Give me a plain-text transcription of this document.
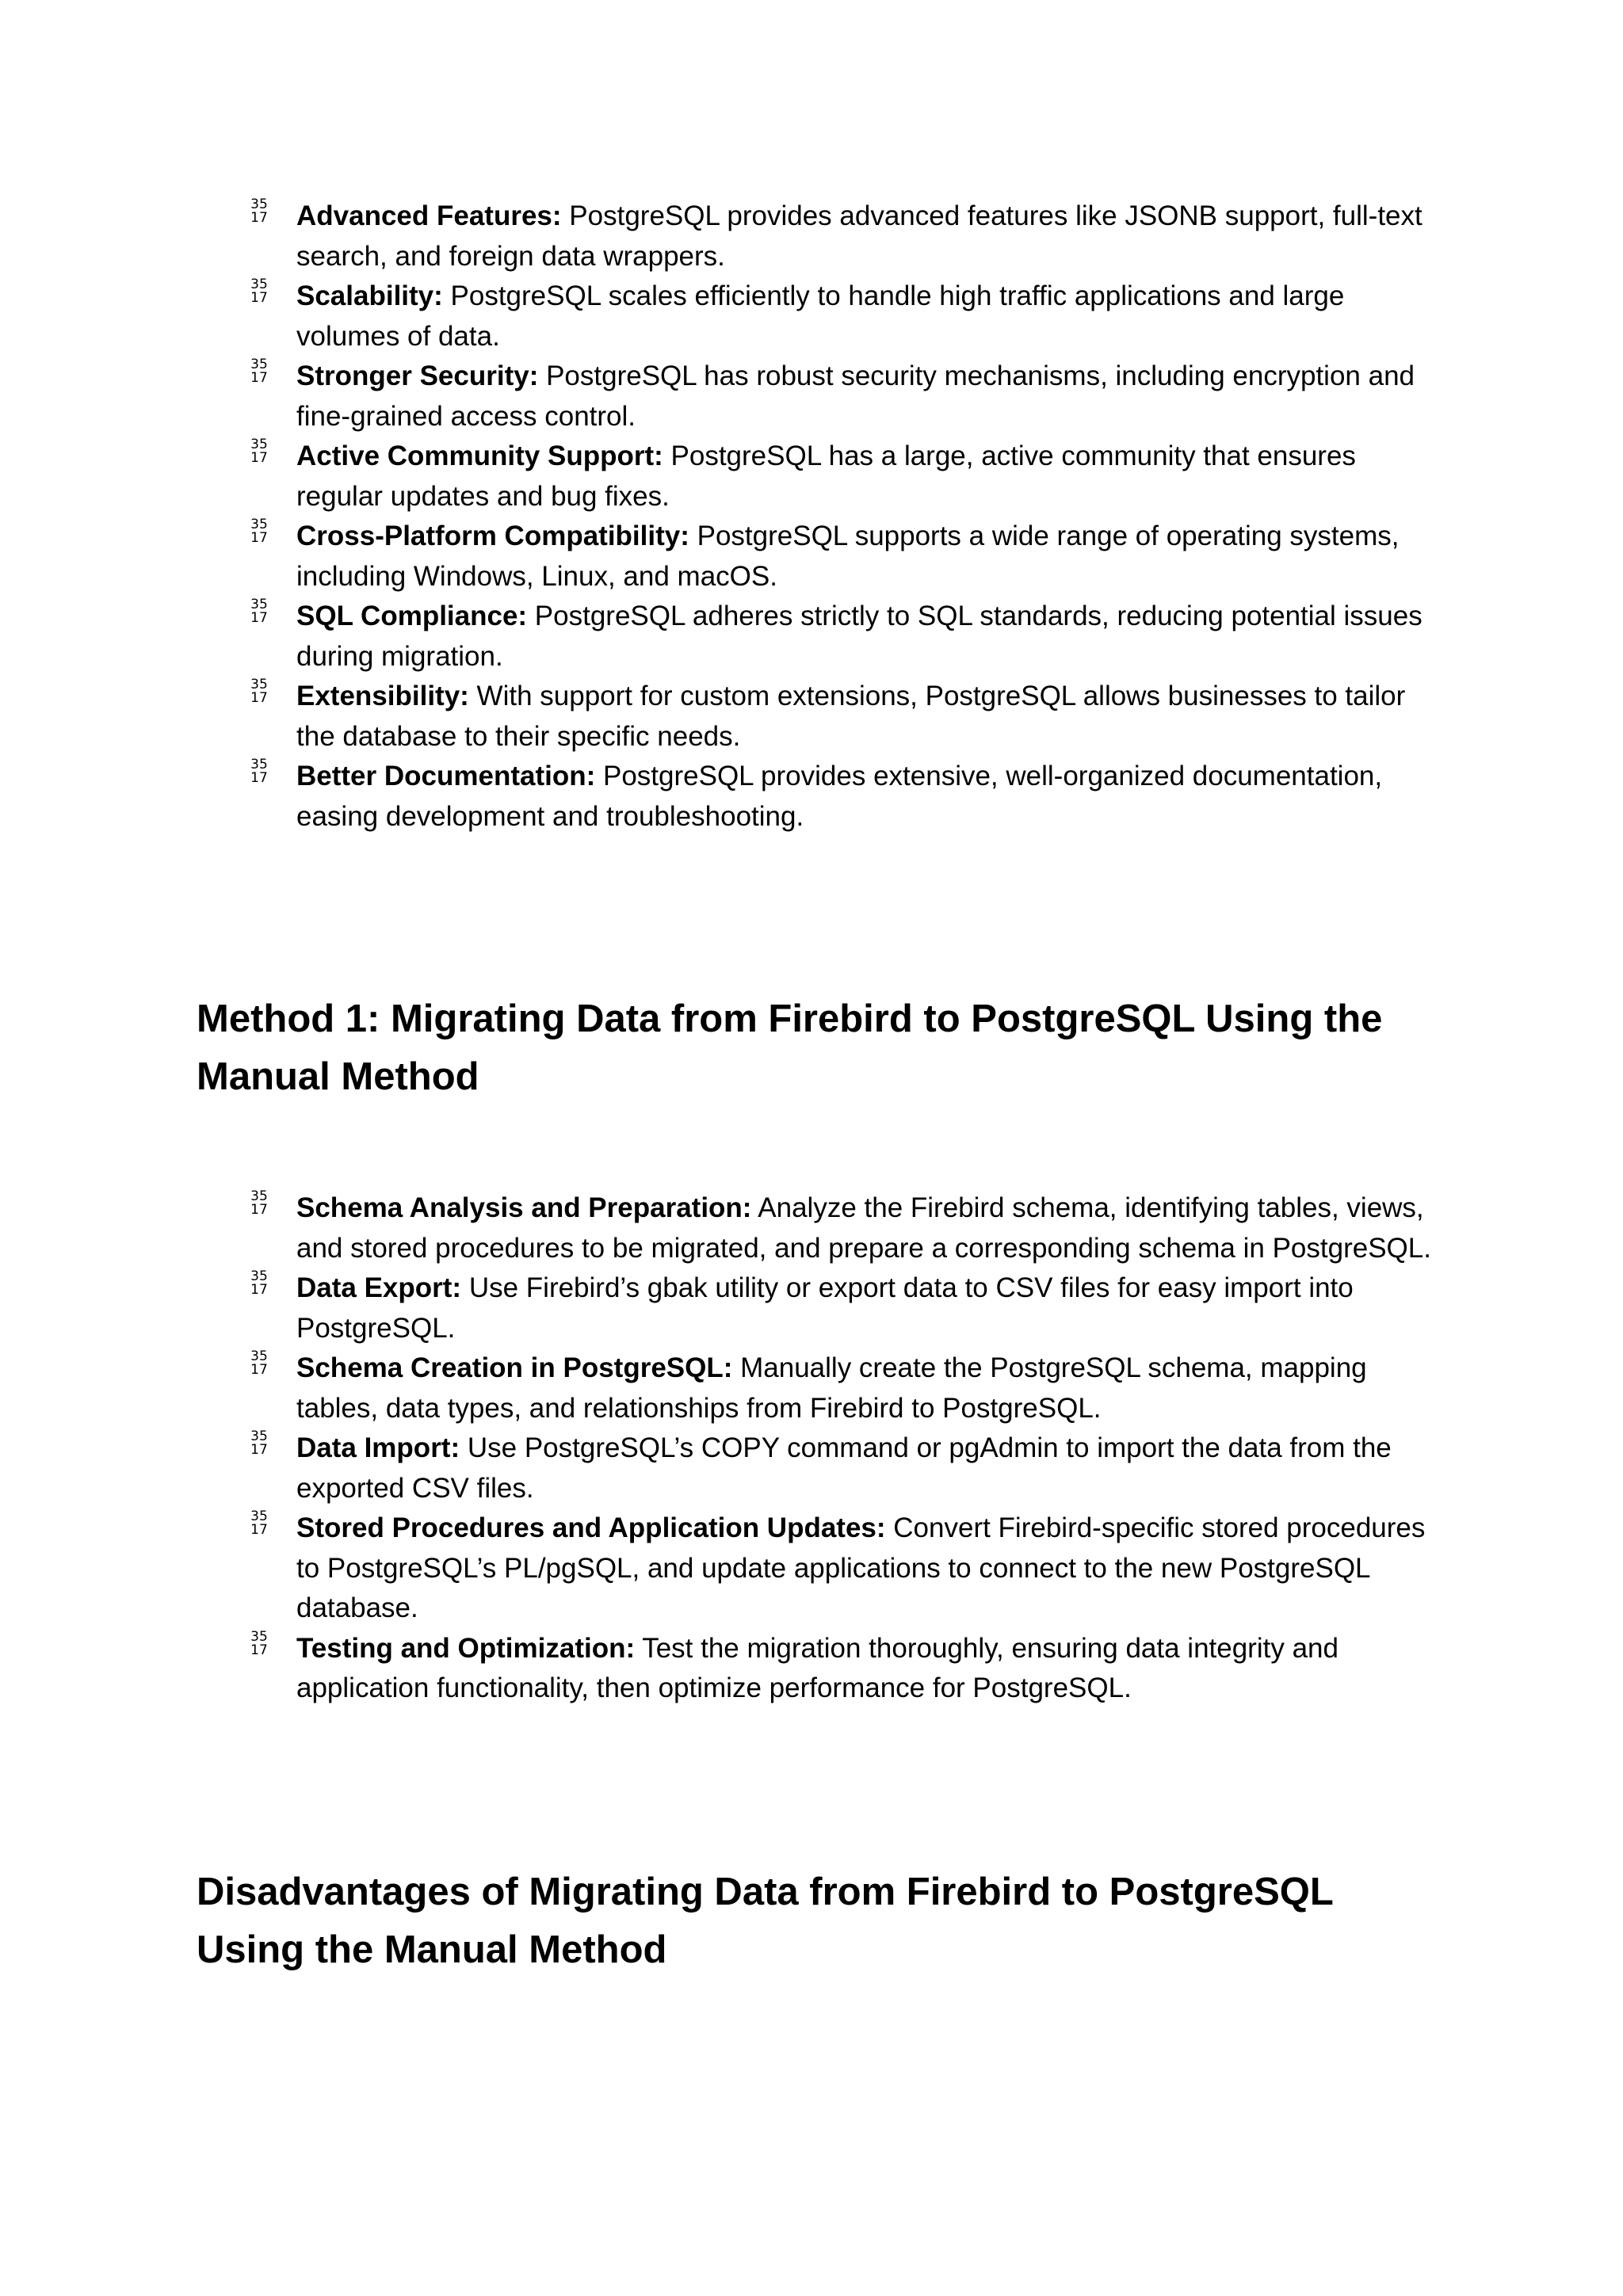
35
17 Advanced Features: PostgreSQL provides advanced features like JSONB support, full-text search, and foreign data wrappers.
35
17 Scalability: PostgreSQL scales efficiently to handle high traffic applications and large volumes of data.
35
17 Stronger Security: PostgreSQL has robust security mechanisms, including encryption and fine-grained access control.
35
17 Active Community Support: PostgreSQL has a large, active community that ensures regular updates and bug fixes.
35
17 Cross-Platform Compatibility: PostgreSQL supports a wide range of operating systems, including Windows, Linux, and macOS.
35
17 SQL Compliance: PostgreSQL adheres strictly to SQL standards, reducing potential issues during migration.
35
17 Extensibility: With support for custom extensions, PostgreSQL allows businesses to tailor the database to their specific needs.
35
17 Better Documentation: PostgreSQL provides extensive, well-organized documentation, easing development and troubleshooting.
Method 1: Migrating Data from Firebird to PostgreSQL Using the Manual Method
35
17 Schema Analysis and Preparation: Analyze the Firebird schema, identifying tables, views, and stored procedures to be migrated, and prepare a corresponding schema in PostgreSQL.
35
17 Data Export: Use Firebird’s gbak utility or export data to CSV files for easy import into PostgreSQL.
35
17 Schema Creation in PostgreSQL: Manually create the PostgreSQL schema, mapping tables, data types, and relationships from Firebird to PostgreSQL.
35
17 Data Import: Use PostgreSQL’s COPY command or pgAdmin to import the data from the exported CSV files.
35
17 Stored Procedures and Application Updates: Convert Firebird-specific stored procedures to PostgreSQL’s PL/pgSQL, and update applications to connect to the new PostgreSQL database.
35
17 Testing and Optimization: Test the migration thoroughly, ensuring data integrity and application functionality, then optimize performance for PostgreSQL.
Disadvantages of Migrating Data from Firebird to PostgreSQL Using the Manual Method
